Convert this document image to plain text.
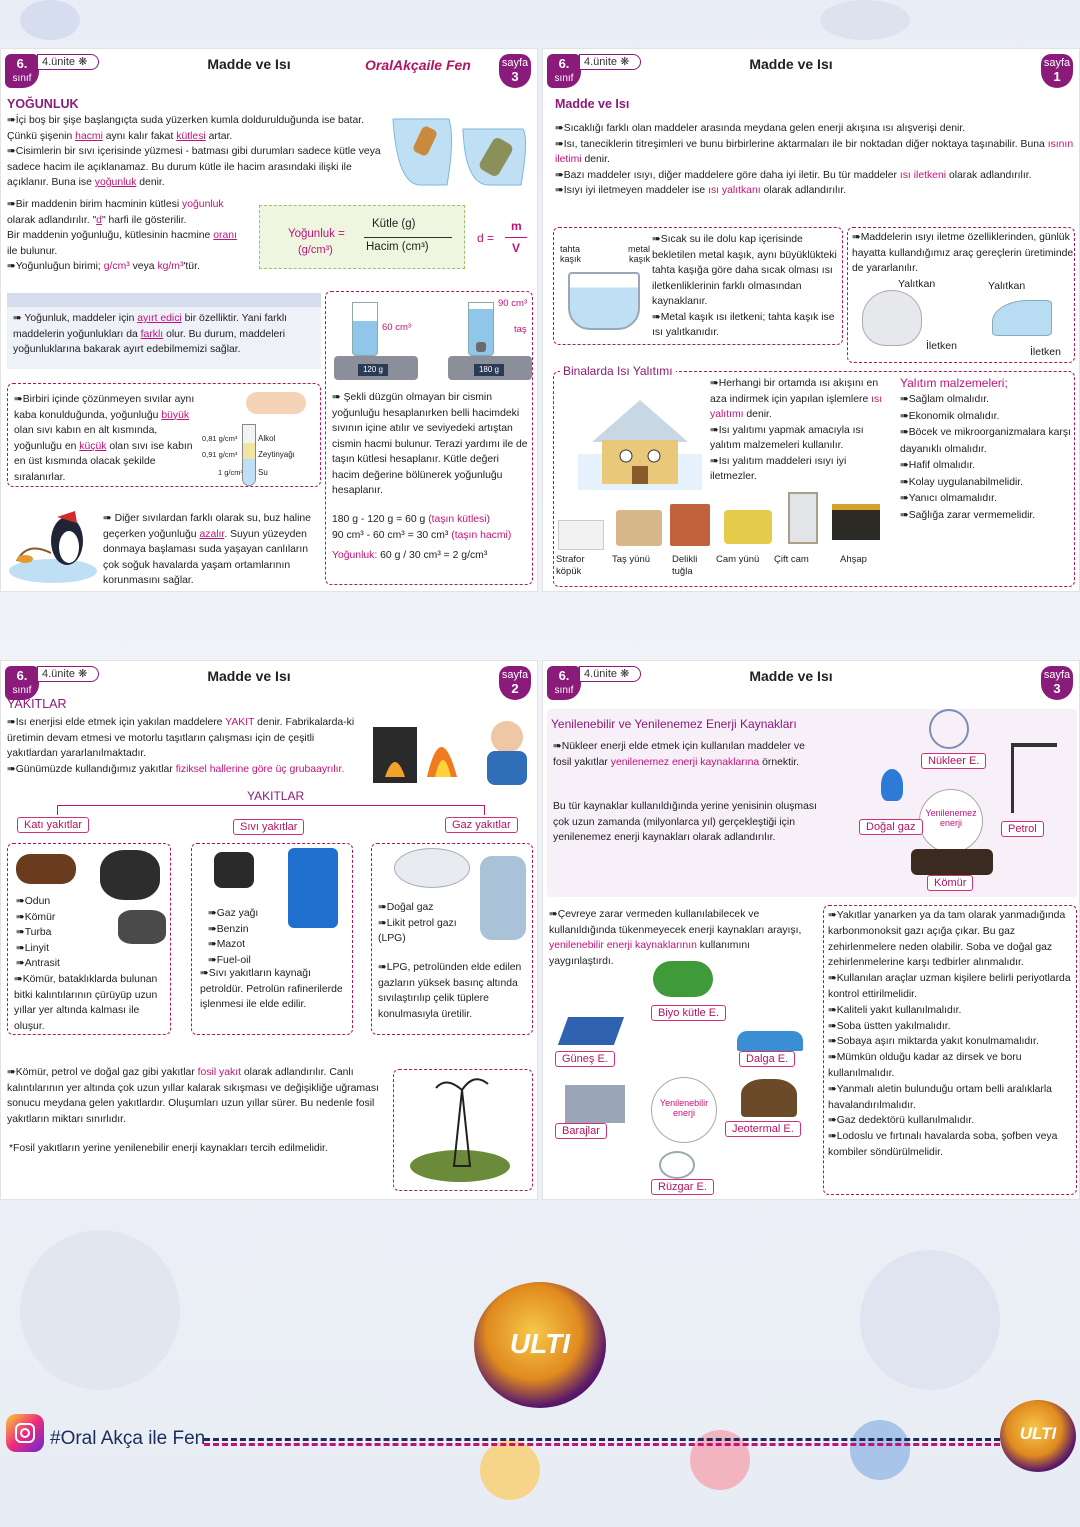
6.
sınıf
4.ünite ❋	Madde ve Isı	OralAkçaile Fen	sayfa
3
YOĞUNLUK
➠İçi boş bir şişe başlangıçta suda yüzerken kumla doldurulduğunda ise batar. Çünkü şişenin hacmi aynı kalır fakat kütlesi artar.
➠Cisimlerin bir sıvı içerisinde yüzmesi - batması gibi durumları sadece kütle veya sadece hacim ile açıklanamaz. Bu durum kütle ile hacim arasındaki ilişki ile açıklanır. Buna ise yoğunluk denir.
➠Bir maddenin birim hacminin kütlesi yoğunluk olarak adlandırılır. "d" harfi ile gösterilir.
Bir maddenin yoğunluğu, kütlesinin hacmine oranı ile bulunur.
➠Yoğunluğun birimi; g/cm³ veya kg/m³'tür.
Yoğunluk =
(g/cm³)
Kütle (g)
Hacim (cm³)
d =
m
V
➠ Yoğunluk, maddeler için ayırt edici bir özelliktir. Yani farklı maddelerin yoğunlukları da farklı olur. Bu durum, maddeleri yoğunluklarına bakarak ayırt edebilmemizi sağlar.
➠Birbiri içinde çözünmeyen sıvılar aynı kaba konulduğunda, yoğunluğu büyük olan sıvı kabın en alt kısmında, yoğunluğu en küçük olan sıvı ise kabın en üst kısmında olacak şekilde sıralanırlar.
0,81 g/cm³
0,91 g/cm³
1 g/cm³
Alkol
Zeytinyağı
Su
➠ Diğer sıvılardan farklı olarak su, buz haline geçerken yoğunluğu azalır. Suyun yüzeyden donmaya başlaması suda yaşayan canlıların çok soğuk havalarda yaşam ortamlarının korunmasını sağlar.
120 g
60 cm³
180 g
90 cm³
taş
➠ Şekli düzgün olmayan bir cismin yoğunluğu hesaplanırken belli hacimdeki sıvının içine atılır ve seviyedeki artıştan cismin hacmi bulunur. Terazi yardımı ile de taşın kütlesi hesaplanır. Kütle değeri hacim değerine bölünerek yoğunluğu hesaplanır.
180 g - 120 g = 60 g (taşın kütlesi)
90 cm³ - 60 cm³ = 30 cm³ (taşın hacmi)
Yoğunluk: 60 g / 30 cm³ = 2 g/cm³
6.
sınıf
4.ünite ❋	Madde ve Isı	sayfa
1
Madde ve Isı
➠Sıcaklığı farklı olan maddeler arasında meydana gelen enerji akışına ısı alışverişi denir.
➠Isı, taneciklerin titreşimleri ve bunu birbirlerine aktarmaları ile bir noktadan diğer noktaya taşınabilir. Buna ısının iletimi denir.
➠Bazı maddeler ısıyı, diğer maddelere göre daha iyi iletir. Bu tür maddeler ısı iletkeni olarak adlandırılır.
➠Isıyı iyi iletmeyen maddeler ise ısı yalıtkanı olarak adlandırılır.
tahta kaşık
metal kaşık
➠Sıcak su ile dolu kap içerisinde bekletilen metal kaşık, aynı büyüklükteki tahta kaşığa göre daha sıcak olması ısı iletkenliklerinin farklı olmasından kaynaklanır.
➠Metal kaşık ısı iletkeni; tahta kaşık ise ısı yalıtkanıdır.
➠Maddelerin ısıyı iletme özelliklerinden, günlük hayatta kullandığımız araç gereçlerin üretiminde de yararlanılır.
Yalıtkan
İletken
Yalıtkan
İletken
Binalarda Isı Yalıtımı
➠Herhangi bir ortamda ısı akışını en aza indirmek için yapılan işlemlere ısı yalıtımı denir.
➠Isı yalıtımı yapmak amacıyla ısı yalıtım malzemeleri kullanılır.
➠Isı yalıtım maddeleri ısıyı iyi iletmezler.
Yalıtım malzemeleri;
➠Sağlam olmalıdır.
➠Ekonomik olmalıdır.
➠Böcek ve mikroorganizmalara karşı dayanıklı olmalıdır.
➠Hafif olmalıdır.
➠Kolay uygulanabilmelidir.
➠Yanıcı olmamalıdır.
➠Sağlığa zarar vermemelidir.
Strafor köpük
Taş yünü Delikli tuğla
Cam yünü Çift cam	Ahşap
6.
sınıf
4.ünite ❋	Madde ve Isı	sayfa
2
YAKITLAR
➠Isı enerjisi elde etmek için yakılan maddelere YAKIT denir. Fabrikalarda-ki üretimin devam etmesi ve motorlu taşıtların çalışması için de çeşitli yakıtlardan yararlanılmaktadır.
➠Günümüzde kullandığımız yakıtlar fiziksel hallerine göre üç grubaayrılır.
YAKITLAR
Katı yakıtlar	Sıvı yakıtlar	Gaz yakıtlar
➠Odun
➠Kömür
➠Turba
➠Linyit
➠Antrasit
➠Kömür, bataklıklarda bulunan bitki kalıntılarının çürüyüp uzun yıllar yer altında kalması ile oluşur.
➠Gaz yağı
➠Benzin
➠Mazot
➠Fuel-oil
➠Sıvı yakıtların kaynağı petroldür. Petrolün rafinerilerde işlenmesi ile elde edilir.
➠Doğal gaz
➠Likit petrol gazı (LPG)
➠LPG, petrolünden elde edilen gazların yüksek basınç altında sıvılaştırılıp çelik tüplere konulmasıyla üretilir.
➠Kömür, petrol ve doğal gaz gibi yakıtlar fosil yakıt olarak adlandırılır. Canlı kalıntılarının yer altında çok uzun yıllar kalarak sıkışması ve değişikliğe uğraması sonucu meydana gelen yakıtlardır. Oluşumları uzun yıllar sürer. Bu nedenle fosil yakıtların miktarı sınırlıdır.
*Fosil yakıtların yerine yenilenebilir enerji kaynakları tercih edilmelidir.
6.
sınıf
4.ünite ❋	Madde ve Isı	sayfa
3
Yenilenebilir ve Yenilenemez Enerji Kaynakları
➠Nükleer enerji elde etmek için kullanılan maddeler ve fosil yakıtlar yenilenemez enerji kaynaklarına örnektir.
Bu tür kaynaklar kullanıldığında yerine yenisinin oluşması çok uzun zamanda (milyonlarca yıl) gerçekleştiği için yenilenemez enerji kaynakları olarak adlandırılır.
Yenilenemez enerji
Nükleer E.
Doğal gaz	Petrol
Kömür
➠Çevreye zarar vermeden kullanılabilecek ve kullanıldığında tükenmeyecek enerji kaynakları arayışı, yenilenebilir enerji kaynaklarının kullanımını yaygınlaştırdı.
Yenilenebilir enerji
Biyo kütle E.
Güneş E.	Dalga E.
Barajlar	Jeotermal E.
Rüzgar E.
➠Yakıtlar yanarken ya da tam olarak yanmadığında karbonmonoksit gazı açığa çıkar. Bu gaz zehirlenmelere neden olabilir. Soba ve doğal gaz zehirlenmelerine karşı tedbirler alınmalıdır.
➠Kullanılan araçlar uzman kişilere belirli periyotlarda kontrol ettirilmelidir.
➠Kaliteli yakıt kullanılmalıdır.
➠Soba üstten yakılmalıdır.
➠Sobaya aşırı miktarda yakıt konulmamalıdır.
➠Mümkün olduğu kadar az dirsek ve boru kullanılmalıdır.
➠Yanmalı aletin bulunduğu ortam belli aralıklarla havalandırılmalıdır.
➠Gaz dedektörü kullanılmalıdır.
➠Lodoslu ve fırtınalı havalarda soba, şofben veya kombiler söndürülmelidir.
ULTI
#Oral Akça ile Fen	ULTI
